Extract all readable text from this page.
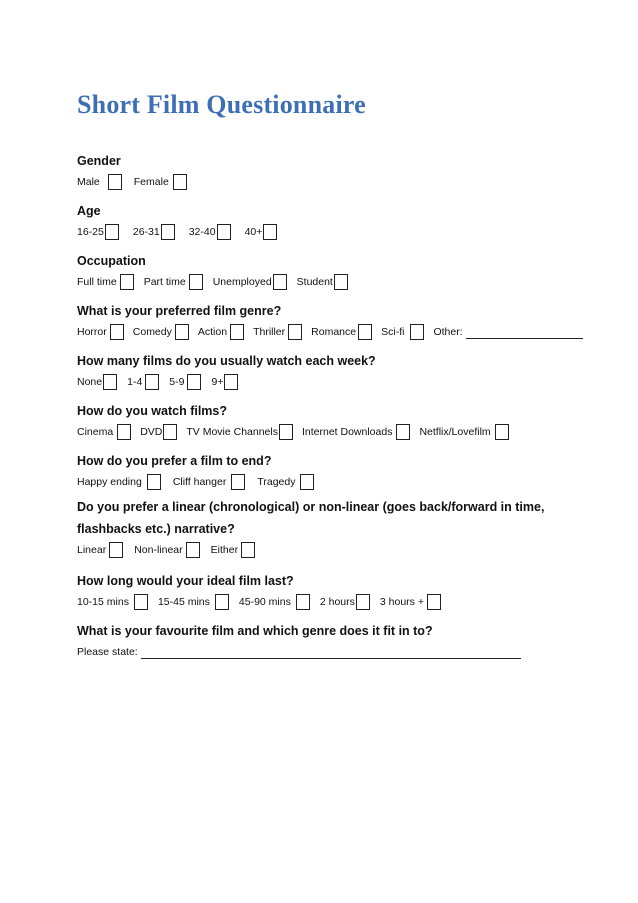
Short Film Questionnaire
Gender
Male	Female
Age
16-25	26-31	32-40	40+
Occupation
Full time	Part time	Unemployed Student
What is your preferred film genre?
Horror Comedy Action Thriller Romance Sci-fi	Other:
How many films do you usually watch each week?
None 1-4	5-9	9+
How do you watch films?
Cinema	DVD TV Movie Channels Internet Downloads	Netflix/Lovefilm
How do you prefer a film to end?
Happy ending	Cliff hanger	Tragedy
Do you prefer a linear (chronological) or non-linear (goes back/forward in time, flashbacks etc.) narrative?
Linear	Non-linear	Either
How long would your ideal film last?
10-15 mins	15-45 mins	45-90 mins	2 hours 3 hours +
What is your favourite film and which genre does it fit in to?
Please state:
